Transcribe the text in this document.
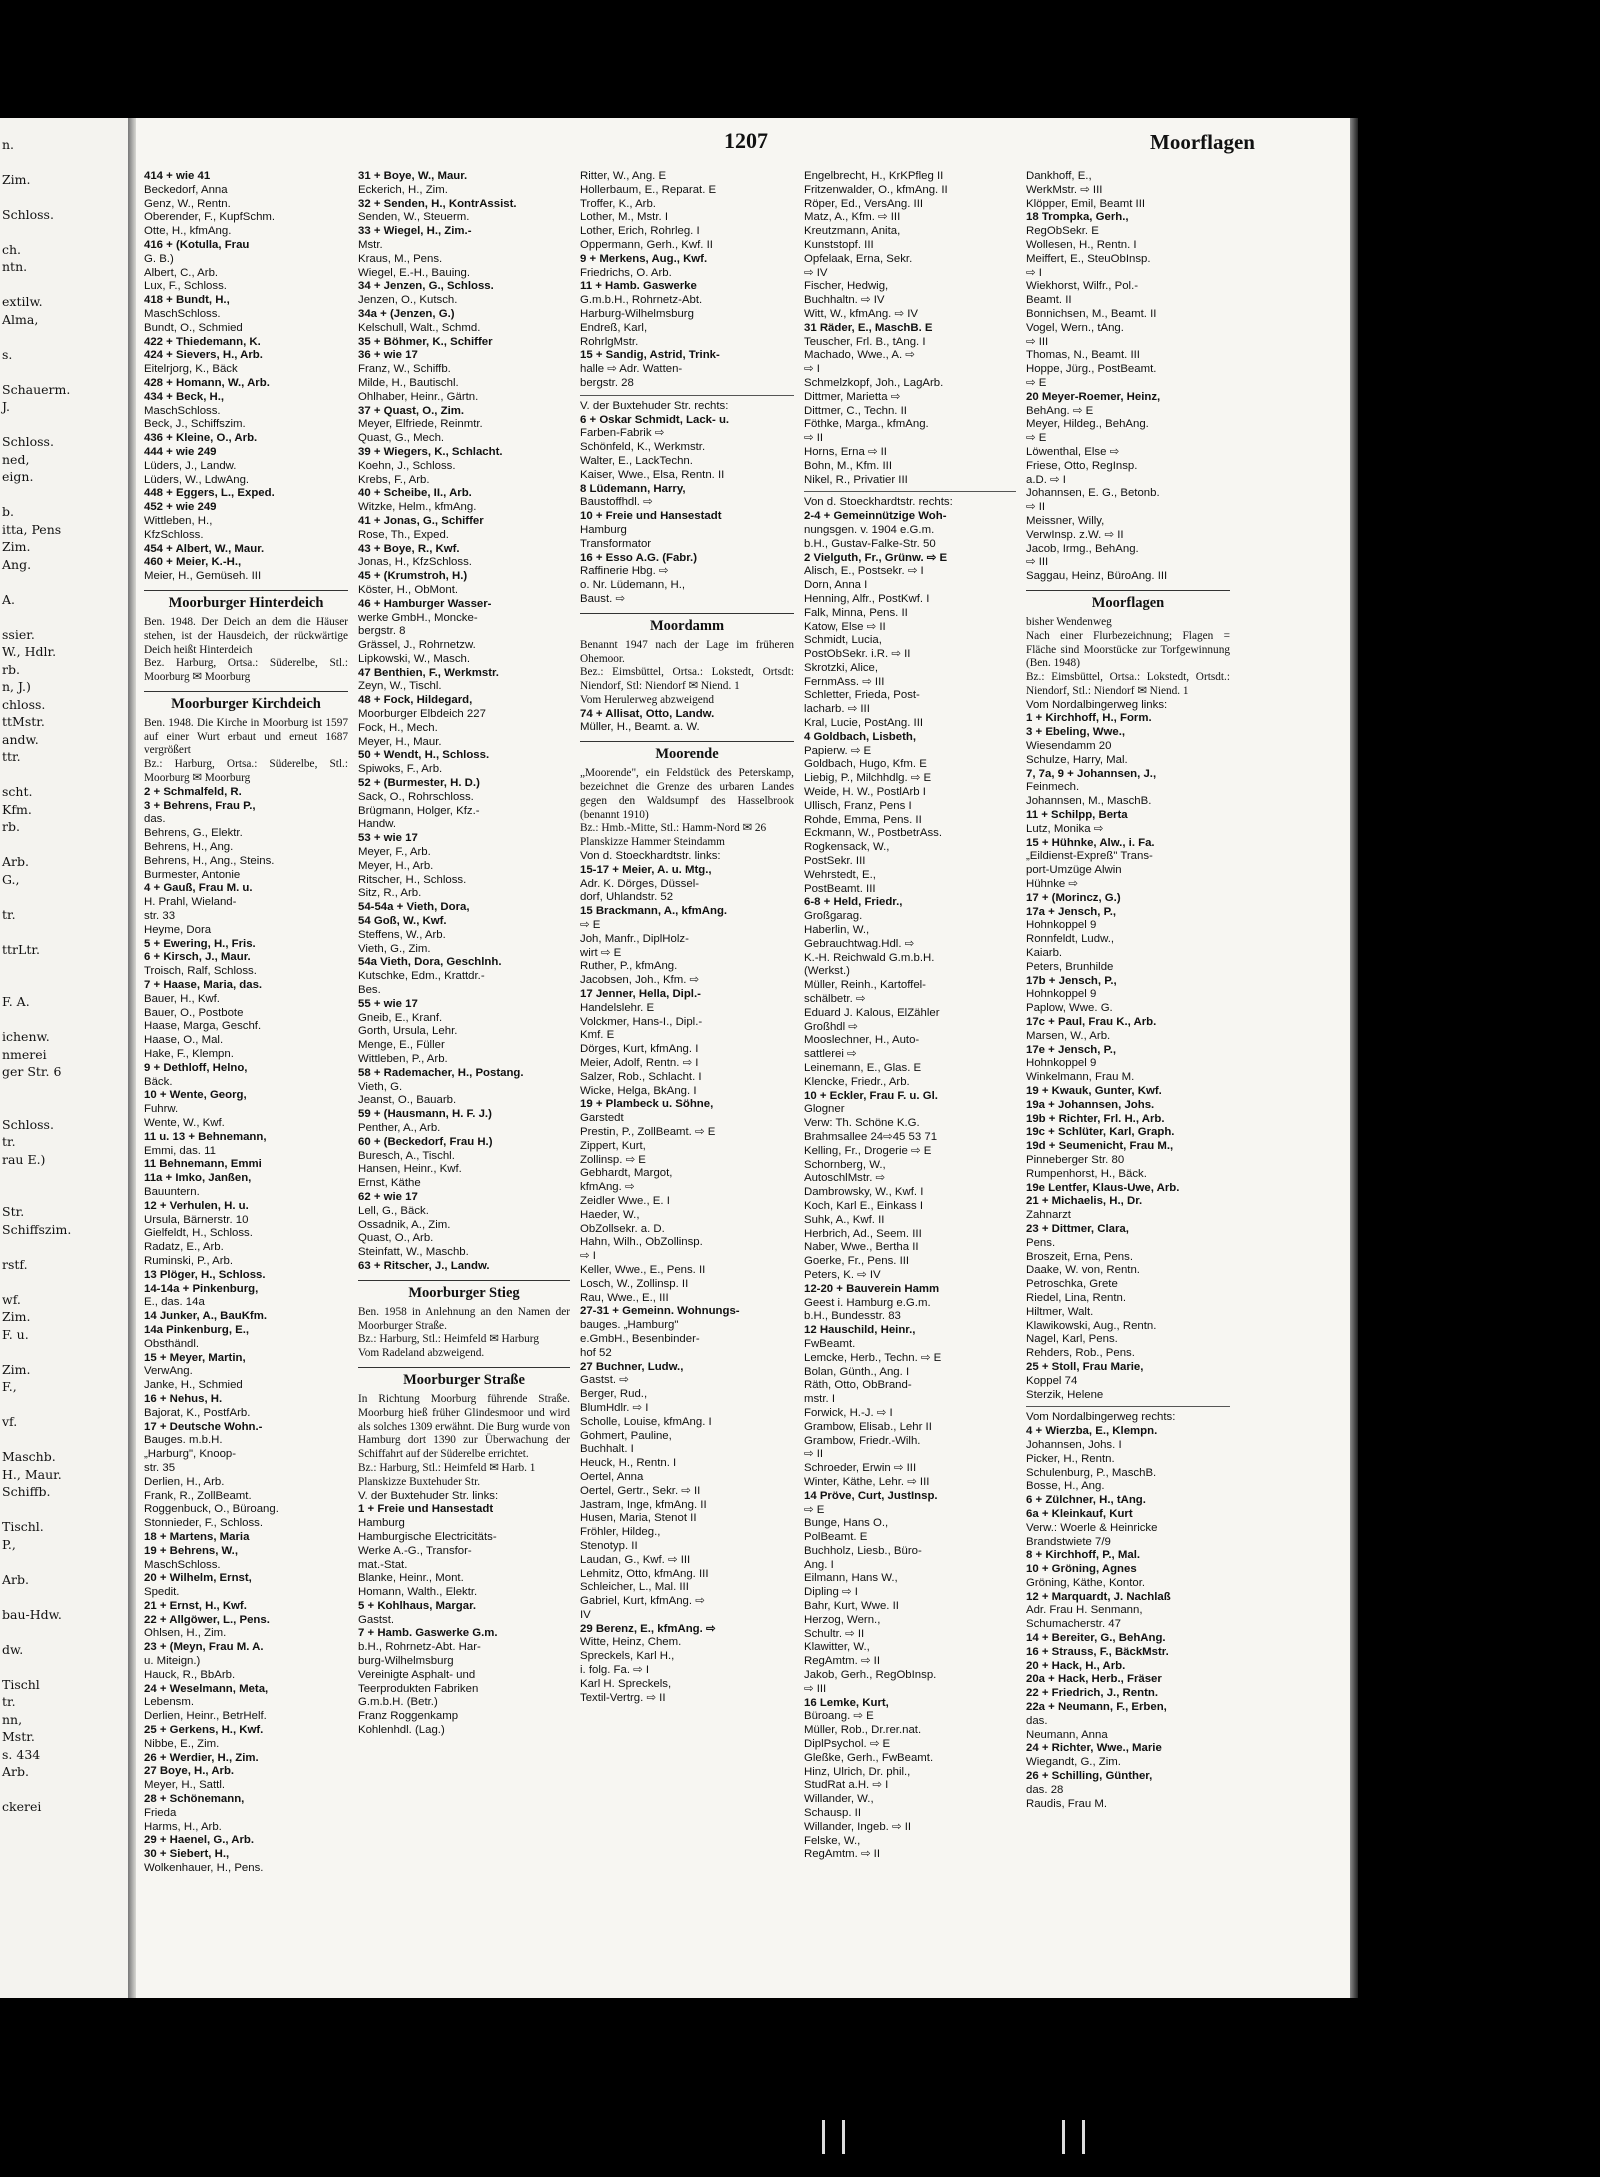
n.

Zim.

Schloss.

ch.
ntn.

extilw.
Alma,

s.

Schauerm.
J.

Schloss.
ned,
eign.

b.
itta, Pens
Zim.
Ang.

A.

ssier.
W., Hdlr.
rb.
n, J.)
chloss.
ttMstr.
andw.
ttr.

scht.
Kfm.
rb.

Arb.
G.,

tr.

ttrLtr.

F. A.

ichenw.
nmerei
ger Str. 6

Schloss.
tr.
rau E.)

Str.
Schiffszim.

rstf.

wf.
Zim.
F. u.

Zim.
F.,

vf.

Maschb.
H., Maur.
Schiffb.

Tischl.
P.,

Arb.

bau-Hdw.

dw.

Tischl
tr.
nn,
Mstr.
s. 434
Arb.

ckerei
1207	Moorflagen
414 + wie 41
Beckedorf, Anna
Genz, W., Rentn.
Oberender, F., KupfSchm.
Otte, H., kfmAng.
416 + (Kotulla, Frau
G. B.)
Albert, C., Arb.
Lux, F., Schloss.
418 + Bundt, H.,
MaschSchloss.
Bundt, O., Schmied
422 + Thiedemann, K.
424 + Sievers, H., Arb.
Eitelrjorg, K., Bäck
428 + Homann, W., Arb.
434 + Beck, H.,
MaschSchloss.
Beck, J., Schiffszim.
436 + Kleine, O., Arb.
444 + wie 249
Lüders, J., Landw.
Lüders, W., LdwAng.
448 + Eggers, L., Exped.
452 + wie 249
Wittleben, H.,
KfzSchloss.
454 + Albert, W., Maur.
460 + Meier, K.-H.,
Meier, H., Gemüseh. III
Moorburger Hinterdeich
Ben. 1948. Der Deich an dem die Häuser stehen, ist der Hausdeich, der rückwärtige Deich heißt Hinterdeich
Bez. Harburg, Ortsa.: Süderelbe, Stl.: Moorburg ✉ Moorburg
Moorburger Kirchdeich
Ben. 1948. Die Kirche in Moorburg ist 1597 auf einer Wurt erbaut und erneut 1687 vergrößert
Bz.: Harburg, Ortsa.: Süderelbe, Stl.: Moorburg ✉ Moorburg
2 + Schmalfeld, R.
3 + Behrens, Frau P.,
das.
Behrens, G., Elektr.
Behrens, H., Ang.
Behrens, H., Ang., Steins.
Burmester, Antonie
4 + Gauß, Frau M. u.
H. Prahl, Wieland-
str. 33
Heyme, Dora
5 + Ewering, H., Fris.
6 + Kirsch, J., Maur.
Troisch, Ralf, Schloss.
7 + Haase, Maria, das.
Bauer, H., Kwf.
Bauer, O., Postbote
Haase, Marga, Geschf.
Haase, O., Mal.
Hake, F., Klempn.
9 + Dethloff, Helno,
Bäck.
10 + Wente, Georg,
Fuhrw.
Wente, W., Kwf.
11 u. 13 + Behnemann,
Emmi, das. 11
11 Behnemann, Emmi
11a + Imko, Janßen,
Bauuntern.
12 + Verhulen, H. u.
Ursula, Bärnerstr. 10
Gielfeldt, H., Schloss.
Radatz, E., Arb.
Ruminski, P., Arb.
13 Plöger, H., Schloss.
14-14a + Pinkenburg,
E., das. 14a
14 Junker, A., BauKfm.
14a Pinkenburg, E.,
Obsthändl.
15 + Meyer, Martin,
VerwAng.
Janke, H., Schmied
16 + Nehus, H.
Bajorat, K., PostfArb.
17 + Deutsche Wohn.-
Bauges. m.b.H.
„Harburg", Knoop-
str. 35
Derlien, H., Arb.
Frank, R., ZollBeamt.
Roggenbuck, O., Büroang.
Stonnieder, F., Schloss.
18 + Martens, Maria
19 + Behrens, W.,
MaschSchloss.
20 + Wilhelm, Ernst,
Spedit.
21 + Ernst, H., Kwf.
22 + Allgöwer, L., Pens.
Ohlsen, H., Zim.
23 + (Meyn, Frau M. A.
u. Miteign.)
Hauck, R., BbArb.
24 + Weselmann, Meta,
Lebensm.
Derlien, Heinr., BetrHelf.
25 + Gerkens, H., Kwf.
Nibbe, E., Zim.
26 + Werdier, H., Zim.
27 Boye, H., Arb.
Meyer, H., Sattl.
28 + Schönemann,
Frieda
Harms, H., Arb.
29 + Haenel, G., Arb.
30 + Siebert, H.,
Wolkenhauer, H., Pens.
31 + Boye, W., Maur.
Eckerich, H., Zim.
32 + Senden, H., KontrAssist.
Senden, W., Steuerm.
33 + Wiegel, H., Zim.-
Mstr.
Kraus, M., Pens.
Wiegel, E.-H., Bauing.
34 + Jenzen, G., Schloss.
Jenzen, O., Kutsch.
34a + (Jenzen, G.)
Kelschull, Walt., Schmd.
35 + Böhmer, K., Schiffer
36 + wie 17
Franz, W., Schiffb.
Milde, H., Bautischl.
Ohlhaber, Heinr., Gärtn.
37 + Quast, O., Zim.
Meyer, Elfriede, Reinmtr.
Quast, G., Mech.
39 + Wiegers, K., Schlacht.
Koehn, J., Schloss.
Krebs, F., Arb.
40 + Scheibe, II., Arb.
Witzke, Helm., kfmAng.
41 + Jonas, G., Schiffer
Rose, Th., Exped.
43 + Boye, R., Kwf.
Jonas, H., KfzSchloss.
45 + (Krumstroh, H.)
Köster, H., ObMont.
46 + Hamburger Wasser-
werke GmbH., Moncke-
bergstr. 8
Grässel, J., Rohrnetzw.
Lipkowski, W., Masch.
47 Benthien, F., Werkmstr.
Zeyn, W., Tischl.
48 + Fock, Hildegard,
Moorburger Elbdeich 227
Fock, H., Mech.
Meyer, H., Maur.
50 + Wendt, H., Schloss.
Spiwoks, F., Arb.
52 + (Burmester, H. D.)
Sack, O., Rohrschloss.
Brügmann, Holger, Kfz.-
Handw.
53 + wie 17
Meyer, F., Arb.
Meyer, H., Arb.
Ritscher, H., Schloss.
Sitz, R., Arb.
54-54a + Vieth, Dora,
54 Goß, W., Kwf.
Steffens, W., Arb.
Vieth, G., Zim.
54a Vieth, Dora, Geschlnh.
Kutschke, Edm., Krattdr.-
Bes.
55 + wie 17
Gneib, E., Kranf.
Gorth, Ursula, Lehr.
Menge, E., Füller
Wittleben, P., Arb.
58 + Rademacher, H., Postang.
Vieth, G.
Jeanst, O., Bauarb.
59 + (Hausmann, H. F. J.)
Penther, A., Arb.
60 + (Beckedorf, Frau H.)
Buresch, A., Tischl.
Hansen, Heinr., Kwf.
Ernst, Käthe
62 + wie 17
Lell, G., Bäck.
Ossadnik, A., Zim.
Quast, O., Arb.
Steinfatt, W., Maschb.
63 + Ritscher, J., Landw.
Moorburger Stieg
Ben. 1958 in Anlehnung an den Namen der Moorburger Straße.
Bz.: Harburg, Stl.: Heimfeld ✉ Harburg
Vom Radeland abzweigend.
Moorburger Straße
In Richtung Moorburg führende Straße. Moorburg hieß früher Glindesmoor und wird als solches 1309 erwähnt. Die Burg wurde von Hamburg dort 1390 zur Überwachung der Schiffahrt auf der Süderelbe errichtet.
Bz.: Harburg, Stl.: Heimfeld ✉ Harb. 1
Planskizze Buxtehuder Str.
V. der Buxtehuder Str. links:
1 + Freie und Hansestadt
Hamburg
Hamburgische Electricitäts-
Werke A.-G., Transfor-
mat.-Stat.
Blanke, Heinr., Mont.
Homann, Walth., Elektr.
5 + Kohlhaus, Margar.
Gastst.
7 + Hamb. Gaswerke G.m.
b.H., Rohrnetz-Abt. Har-
burg-Wilhelmsburg
Vereinigte Asphalt- und
Teerprodukten Fabriken
G.m.b.H. (Betr.)
Franz Roggenkamp
Kohlenhdl. (Lag.)
Ritter, W., Ang. E
Hollerbaum, E., Reparat. E
Troffer, K., Arb.
Lother, M., Mstr. I
Lother, Erich, Rohrleg. I
Oppermann, Gerh., Kwf. II
9 + Merkens, Aug., Kwf.
Friedrichs, O. Arb.
11 + Hamb. Gaswerke
G.m.b.H., Rohrnetz-Abt.
Harburg-Wilhelmsburg
Endreß, Karl,
RohrlgMstr.
15 + Sandig, Astrid, Trink-
halle ⇨ Adr. Watten-
bergstr. 28
V. der Buxtehuder Str. rechts:
6 + Oskar Schmidt, Lack- u.
Farben-Fabrik ⇨
Schönfeld, K., Werkmstr.
Walter, E., LackTechn.
Kaiser, Wwe., Elsa, Rentn. II
8 Lüdemann, Harry,
Baustoffhdl. ⇨
10 + Freie und Hansestadt
Hamburg
Transformator
16 + Esso A.G. (Fabr.)
Raffinerie Hbg. ⇨
o. Nr. Lüdemann, H.,
Baust. ⇨
Moordamm
Benannt 1947 nach der Lage im früheren Ohemoor.
Bez.: Eimsbüttel, Ortsa.: Lokstedt, Ortsdt: Niendorf, Stl: Niendorf ✉ Niend. 1
Vom Herulerweg abzweigend
74 + Allisat, Otto, Landw.
Müller, H., Beamt. a. W.
Moorende
„Moorende", ein Feldstück des Peterskamp, bezeichnet die Grenze des urbaren Landes gegen den Waldsumpf des Hasselbrook (benannt 1910)
Bz.: Hmb.-Mitte, Stl.: Hamm-Nord ✉ 26
Planskizze Hammer Steindamm
Von d. Stoeckhardtstr. links:
15-17 + Meier, A. u. Mtg.,
Adr. K. Dörges, Düssel-
dorf, Uhlandstr. 52
15 Brackmann, A., kfmAng.
⇨ E
Joh, Manfr., DiplHolz-
wirt ⇨ E
Ruther, P., kfmAng.
Jacobsen, Joh., Kfm. ⇨
17 Jenner, Hella, Dipl.-
Handelslehr. E
Volckmer, Hans-I., Dipl.-
Kmf. E
Dörges, Kurt, kfmAng. I
Meier, Adolf, Rentn. ⇨ I
Salzer, Rob., Schlacht. I
Wicke, Helga, BkAng. I
19 + Plambeck u. Söhne,
Garstedt
Prestin, P., ZollBeamt. ⇨ E
Zippert, Kurt,
Zollinsp. ⇨ E
Gebhardt, Margot,
kfmAng. ⇨
Zeidler Wwe., E. I
Haeder, W.,
ObZollsekr. a. D.
Hahn, Wilh., ObZollinsp.
⇨ I
Keller, Wwe., E., Pens. II
Losch, W., Zollinsp. II
Rau, Wwe., E., III
27-31 + Gemeinn. Wohnungs-
bauges. „Hamburg"
e.GmbH., Besenbinder-
hof 52
27 Buchner, Ludw.,
Gastst. ⇨
Berger, Rud.,
BlumHdlr. ⇨ I
Scholle, Louise, kfmAng. I
Gohmert, Pauline,
Buchhalt. I
Heuck, H., Rentn. I
Oertel, Anna
Oertel, Gertr., Sekr. ⇨ II
Jastram, Inge, kfmAng. II
Husen, Maria, Stenot II
Fröhler, Hildeg.,
Stenotyp. II
Laudan, G., Kwf. ⇨ III
Lehmitz, Otto, kfmAng. III
Schleicher, L., Mal. III
Gabriel, Kurt, kfmAng. ⇨
IV
29 Berenz, E., kfmAng. ⇨
Witte, Heinz, Chem.
Spreckels, Karl H.,
i. folg. Fa. ⇨ I
Karl H. Spreckels,
Textil-Vertrg. ⇨ II
Engelbrecht, H., KrKPfleg II
Fritzenwalder, O., kfmAng. II
Röper, Ed., VersAng. III
Matz, A., Kfm. ⇨ III
Kreutzmann, Anita,
Kunststopf. III
Opfelaak, Erna, Sekr.
⇨ IV
Fischer, Hedwig,
Buchhaltn. ⇨ IV
Witt, W., kfmAng. ⇨ IV
31 Räder, E., MaschB. E
Teuscher, Frl. B., tAng. I
Machado, Wwe., A. ⇨
⇨ I
Schmelzkopf, Joh., LagArb.
Dittmer, Marietta ⇨
Dittmer, C., Techn. II
Föthke, Marga., kfmAng.
⇨ II
Horns, Erna ⇨ II
Bohn, M., Kfm. III
Nikel, R., Privatier III
Von d. Stoeckhardtstr. rechts:
2-4 + Gemeinnützige Woh-
nungsgen. v. 1904 e.G.m.
b.H., Gustav-Falke-Str. 50
2 Vielguth, Fr., Grünw. ⇨ E
Alisch, E., Postsekr. ⇨ I
Dorn, Anna I
Henning, Alfr., PostKwf. I
Falk, Minna, Pens. II
Katow, Else ⇨ II
Schmidt, Lucia,
PostObSekr. i.R. ⇨ II
Skrotzki, Alice,
FernmAss. ⇨ III
Schletter, Frieda, Post-
lacharb. ⇨ III
Kral, Lucie, PostAng. III
4 Goldbach, Lisbeth,
Papierw. ⇨ E
Goldbach, Hugo, Kfm. E
Liebig, P., Milchhdlg. ⇨ E
Weide, H. W., PostlArb I
Ullisch, Franz, Pens I
Rohde, Emma, Pens. II
Eckmann, W., PostbetrAss.
Rogkensack, W.,
PostSekr. III
Wehrstedt, E.,
PostBeamt. III
6-8 + Held, Friedr.,
Großgarag.
Haberlin, W.,
Gebrauchtwag.Hdl. ⇨
K.-H. Reichwald G.m.b.H.
(Werkst.)
Müller, Reinh., Kartoffel-
schälbetr. ⇨
Eduard J. Kalous, ElZähler
Großhdl ⇨
Mooslechner, H., Auto-
sattlerei ⇨
Leinemann, E., Glas. E
Klencke, Friedr., Arb.
10 + Eckler, Frau F. u. Gl.
Glogner
Verw: Th. Schöne K.G.
Brahmsallee 24⇨45 53 71
Kelling, Fr., Drogerie ⇨ E
Schornberg, W.,
AutoschlMstr. ⇨
Dambrowsky, W., Kwf. I
Koch, Karl E., Einkass I
Suhk, A., Kwf. II
Herbrich, Ad., Seem. III
Naber, Wwe., Bertha II
Goerke, Fr., Pens. III
Peters, K. ⇨ IV
12-20 + Bauverein Hamm
Geest i. Hamburg e.G.m.
b.H., Bundesstr. 83
12 Hauschild, Heinr.,
FwBeamt.
Lemcke, Herb., Techn. ⇨ E
Bolan, Günth., Ang. I
Räth, Otto, ObBrand-
mstr. I
Forwick, H.-J. ⇨ I
Grambow, Elisab., Lehr II
Grambow, Friedr.-Wilh.
⇨ II
Schroeder, Erwin ⇨ III
Winter, Käthe, Lehr. ⇨ III
14 Pröve, Curt, JustInsp.
⇨ E
Bunge, Hans O.,
PolBeamt. E
Buchholz, Liesb., Büro-
Ang. I
Eilmann, Hans W.,
Dipling ⇨ I
Bahr, Kurt, Wwe. II
Herzog, Wern.,
Schultr. ⇨ II
Klawitter, W.,
RegAmtm. ⇨ II
Jakob, Gerh., RegObInsp.
⇨ III
16 Lemke, Kurt,
Büroang. ⇨ E
Müller, Rob., Dr.rer.nat.
DiplPsychol. ⇨ E
Gleßke, Gerh., FwBeamt.
Hinz, Ulrich, Dr. phil.,
StudRat a.H. ⇨ I
Willander, W.,
Schausp. II
Willander, Ingeb. ⇨ II
Felske, W.,
RegAmtm. ⇨ II
Dankhoff, E.,
WerkMstr. ⇨ III
Klöpper, Emil, Beamt III
18 Trompka, Gerh.,
RegObSekr. E
Wollesen, H., Rentn. I
Meiffert, E., SteuObInsp.
⇨ I
Wiekhorst, Wilfr., Pol.-
Beamt. II
Bonnichsen, M., Beamt. II
Vogel, Wern., tAng.
⇨ III
Thomas, N., Beamt. III
Hoppe, Jürg., PostBeamt.
⇨ E
20 Meyer-Roemer, Heinz,
BehAng. ⇨ E
Meyer, Hildeg., BehAng.
⇨ E
Löwenthal, Else ⇨
Friese, Otto, RegInsp.
a.D. ⇨ I
Johannsen, E. G., Betonb.
⇨ II
Meissner, Willy,
VerwInsp. z.W. ⇨ II
Jacob, Irmg., BehAng.
⇨ III
Saggau, Heinz, BüroAng. III
Moorflagen
bisher Wendenweg
Nach einer Flurbezeichnung; Flagen = Fläche sind Moorstücke zur Torfgewinnung (Ben. 1948)
Bz.: Eimsbüttel, Ortsa.: Lokstedt, Ortsdt.: Niendorf, Stl.: Niendorf ✉ Niend. 1
Vom Nordalbingerweg links:
1 + Kirchhoff, H., Form.
3 + Ebeling, Wwe.,
Wiesendamm 20
Schulze, Harry, Mal.
7, 7a, 9 + Johannsen, J.,
Feinmech.
Johannsen, M., MaschB.
11 + Schilpp, Berta
Lutz, Monika ⇨
15 + Hühnke, Alw., i. Fa.
„Eildienst-Expreß" Trans-
port-Umzüge Alwin
Hühnke ⇨
17 + (Morincz, G.)
17a + Jensch, P.,
Hohnkoppel 9
Ronnfeldt, Ludw.,
Kaiarb.
Peters, Brunhilde
17b + Jensch, P.,
Hohnkoppel 9
Paplow, Wwe. G.
17c + Paul, Frau K., Arb.
Marsen, W., Arb.
17e + Jensch, P.,
Hohnkoppel 9
Winkelmann, Frau M.
19 + Kwauk, Gunter, Kwf.
19a + Johannsen, Johs.
19b + Richter, Frl. H., Arb.
19c + Schlüter, Karl, Graph.
19d + Seumenicht, Frau M.,
Pinneberger Str. 80
Rumpenhorst, H., Bäck.
19e Lentfer, Klaus-Uwe, Arb.
21 + Michaelis, H., Dr.
Zahnarzt
23 + Dittmer, Clara,
Pens.
Broszeit, Erna, Pens.
Daake, W. von, Rentn.
Petroschka, Grete
Riedel, Lina, Rentn.
Hiltmer, Walt.
Klawikowski, Aug., Rentn.
Nagel, Karl, Pens.
Rehders, Rob., Pens.
25 + Stoll, Frau Marie,
Koppel 74
Sterzik, Helene
Vom Nordalbingerweg rechts:
4 + Wierzba, E., Klempn.
Johannsen, Johs. I
Picker, H., Rentn.
Schulenburg, P., MaschB.
Bosse, H., Ang.
6 + Zülchner, H., tAng.
6a + Kleinkauf, Kurt
Verw.: Woerle & Heinricke
Brandstwiete 7/9
8 + Kirchhoff, P., Mal.
10 + Gröning, Agnes
Gröning, Käthe, Kontor.
12 + Marquardt, J. Nachlaß
Adr. Frau H. Senmann,
Schumacherstr. 47
14 + Bereiter, G., BehAng.
16 + Strauss, F., BäckMstr.
20 + Hack, H., Arb.
20a + Hack, Herb., Fräser
22 + Friedrich, J., Rentn.
22a + Neumann, F., Erben,
das.
Neumann, Anna
24 + Richter, Wwe., Marie
Wiegandt, G., Zim.
26 + Schilling, Günther,
das. 28
Raudis, Frau M.
